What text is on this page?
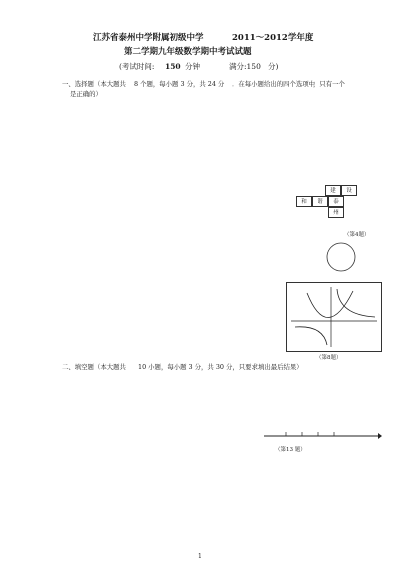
江苏省泰州中学附属初级中学	2011～2012学年度
第二学期九年级数学期中考试试题
(考试时间: 150 分钟	满分:150 分)
一、选择题（本大题共 8 个题，每小题 3 分，共 24 分 ．在每小题给出的四个选项中
，只有一个
是正确的）
建	设
和	谐	泰
州
（第4题）
（第8题）
二、填空题（本大题共 10 小题，每小题 3 分，共 30 分，只要求填出最后结果）
（第13 题）
1
